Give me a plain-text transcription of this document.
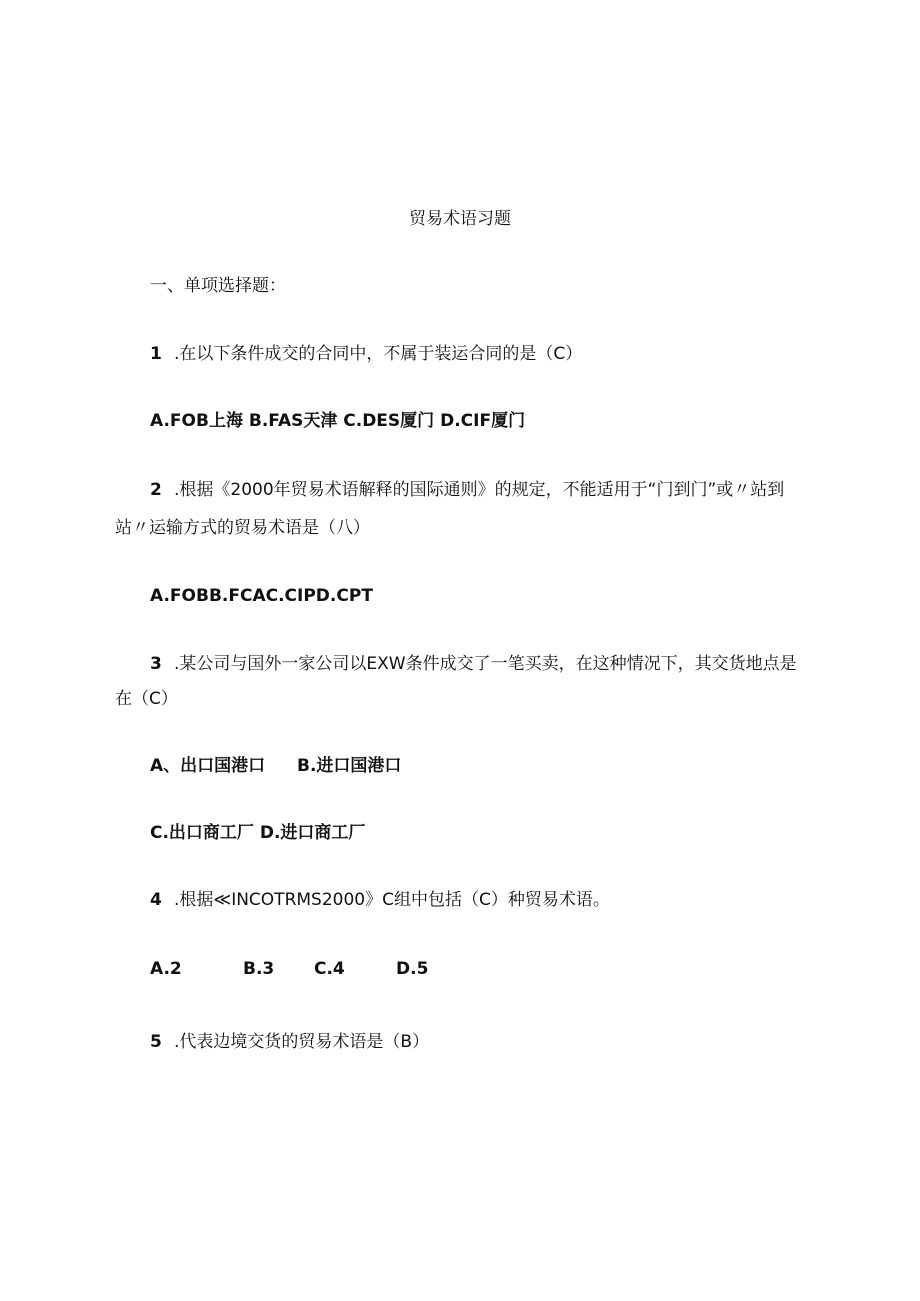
贸易术语习题
一、单项选择题：
1 .在以下条件成交的合同中，不属于装运合同的是（C）
A.FOB上海 B.FAS天津 C.DES厦门 D.CIF厦门
2 .根据《2000年贸易术语解释的国际通则》的规定，不能适用于“门到门”或〃站到
站〃运输方式的贸易术语是（八）
A.FOBB.FCAC.CIPD.CPT
3 .某公司与国外一家公司以EXW条件成交了一笔买卖，在这种情况下，其交货地点是
在（C）
A、出口国港口 B.进口国港口
C.出口商工厂 D.进口商工厂
4 .根据≪INCOTRMS2000》C组中包括（C）种贸易术语。
A.2	B.3 C.4	D.5
5 .代表边境交货的贸易术语是（B）
